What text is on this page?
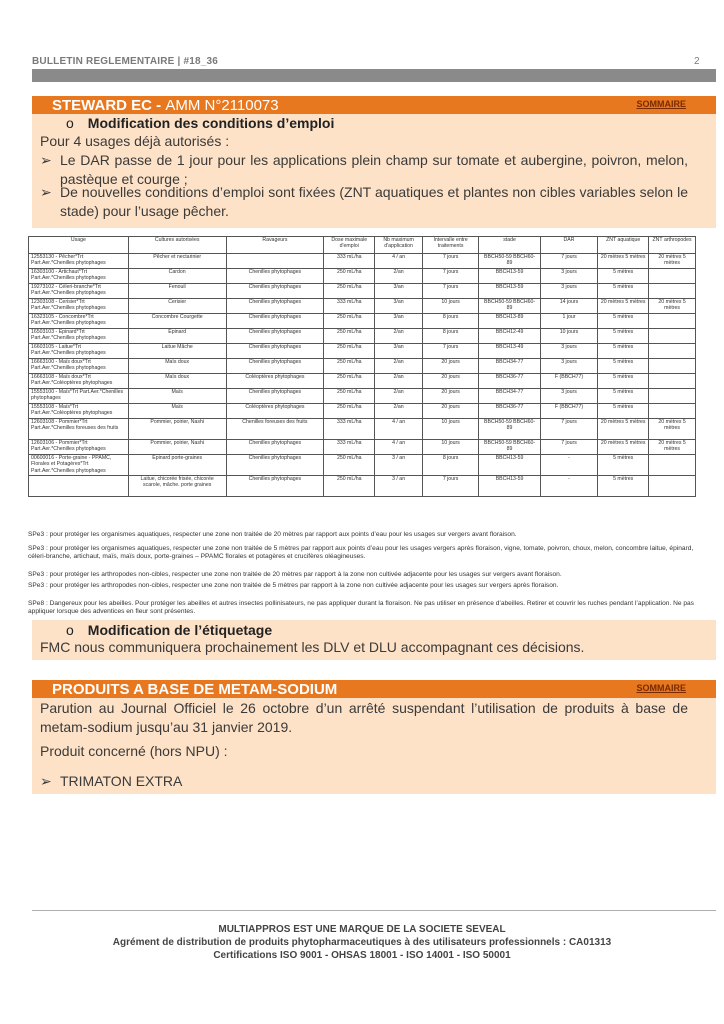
BULLETIN REGLEMENTAIRE | #18_36	2
STEWARD EC - AMM N°2110073	SOMMAIRE
o Modification des conditions d’emploi
Pour 4 usages déjà autorisés :
➢ Le DAR passe de 1 jour pour les applications plein champ sur tomate et aubergine, poivron, melon, pastèque et courge ;
➢ De nouvelles conditions d’emploi sont fixées (ZNT aquatiques et plantes non cibles variables selon le stade) pour l’usage pêcher.
Usage	Cultures autorisées	Ravageurs	Dose maximale d'emploi	Nb maximum d'application	Intervalle entre traitements	stade	DAR	ZNT aquatique	ZNT arthropodes
12553130 - Pêcher*Trt Part.Aer.*Chenilles phytophages	Pêcher et nectarinier		333 mL/ha	4 / an	7 jours	BBCH50-59 BBCH60-89	7 jours	20 mètres 5 mètres	20 mètres 5 mètres
16303100 - Artichaut*Trt Part.Aer.*Chenilles phytophages	Cardon	Chenilles phytophages	250 mL/ha	2/an	7 jours	BBCH13-59	3 jours	5 mètres	
19273102 - Céleri-branche*Trt Part.Aer.*Chenilles phytophages	Fenouil	Chenilles phytophages	250 mL/ha	3/an	7 jours	BBCH13-59	3 jours	5 mètres	
12303108 - Cerisier*Trt Part.Aer.*Chenilles phytophages	Cerisier	Chenilles phytophages	333 mL/ha	3/an	10 jours	BBCH50-59 BBCH60-89	14 jours	20 mètres 5 mètres	20 mètres 5 mètres
16323105 - Concombre*Trt Part.Aer.*Chenilles phytophages	Concombre Courgette	Chenilles phytophages	250 mL/ha	3/an	8 jours	BBCH13-89	1 jour	5 mètres	
16503103 - Epinard*Trt Part.Aer.*Chenilles phytophages	Epinard	Chenilles phytophages	250 mL/ha	2/an	8 jours	BBCH12-49	10 jours	5 mètres	
16603105 - Laitue*Trt Part.Aer.*Chenilles phytophages	Laitue Mâche	Chenilles phytophages	250 mL/ha	3/an	7 jours	BBCH13-49	3 jours	5 mètres	
16663100 - Maïs doux*Trt Part.Aer.*Chenilles phytophages	Maïs doux	Chenilles phytophages	250 mL/ha	2/an	20 jours	BBCH34-77	3 jours	5 mètres	
16663108 - Maïs doux*Trt Part.Aer.*Coléoptères phytophages	Maïs doux	Coléoptères phytophages	250 mL/ha	2/an	20 jours	BBCH36-77	F (BBCH77)	5 mètres	
15553100 - Maïs*Trt Part.Aer.*Chenilles phytophages	Maïs	Chenilles phytophages	250 mL/ha	2/an	20 jours	BBCH34-77	3 jours	5 mètres	
15553108 - Maïs*Trt Part.Aer.*Coléoptères phytophages	Maïs	Coléoptères phytophages	250 mL/ha	2/an	20 jours	BBCH36-77	F (BBCH77)	5 mètres	
12603108 - Pommier*Trt Part.Aer.*Chenilles foreuses des fruits	Pommier, poirier, Nashi	Chenilles foreuses des fruits	333 mL/ha	4 / an	10 jours	BBCH50-59 BBCH60-89	7 jours	20 mètres 5 mètres	20 mètres 5 mètres
12603106 - Pommier*Trt Part.Aer.*Chenilles phytophages	Pommier, poirier, Nashi	Chenilles phytophages	333 mL/ha	4 / an	10 jours	BBCH50-59 BBCH60-89	7 jours	20 mètres 5 mètres	20 mètres 5 mètres
00600016 - Porte-graine - PPAMC, Florales et Potagères*Trt Part.Aer.*Chenilles phytophages	Epinard porte-graines	Chenilles phytophages	250 mL/ha	3 / an	8 jours	BBCH13-59	-	5 mètres	
	Laitue, chicorée frisée, chicorée scarole, mâche. porte graines	Chenilles phytophages	250 mL/ha	3 / an	7 jours	BBCH13-59	-	5 mètres	
SPe3 : pour protéger les organismes aquatiques, respecter une zone non traitée de 20 mètres par rapport aux points d’eau pour les usages sur vergers avant floraison.
SPe3 : pour protéger les organismes aquatiques, respecter une zone non traitée de 5 mètres par rapport aux points d’eau pour les usages vergers après floraison, vigne, tomate, poivron, choux, melon, concombre laitue, épinard, céleri-branche, artichaut, maïs, maïs doux, porte-graines – PPAMC florales et potagères et crucifères oléagineuses.
SPe3 : pour protéger les arthropodes non-cibles, respecter une zone non traitée de 20 mètres par rapport à la zone non cultivée adjacente pour les usages sur vergers avant floraison.
SPe3 : pour protéger les arthropodes non-cibles, respecter une zone non traitée de 5 mètres par rapport à la zone non cultivée adjacente pour les usages sur vergers après floraison.
SPe8 : Dangereux pour les abeilles. Pour protéger les abeilles et autres insectes pollinisateurs, ne pas appliquer durant la floraison. Ne pas utiliser en présence d’abeilles. Retirer et couvrir les ruches pendant l’application. Ne pas appliquer lorsque des adventices en fleur sont présentes.
o Modification de l’étiquetage
FMC nous communiquera prochainement les DLV et DLU accompagnant ces décisions.
PRODUITS A BASE DE METAM-SODIUM	SOMMAIRE
Parution au Journal Officiel le 26 octobre d’un arrêté suspendant l’utilisation de produits à base de metam-sodium jusqu’au 31 janvier 2019.
Produit concerné (hors NPU) :
➢ TRIMATON EXTRA
MULTIAPPROS EST UNE MARQUE DE LA SOCIETE SEVEAL
Agrément de distribution de produits phytopharmaceutiques à des utilisateurs professionnels : CA01313
Certifications ISO 9001 - OHSAS 18001 - ISO 14001 - ISO 50001
